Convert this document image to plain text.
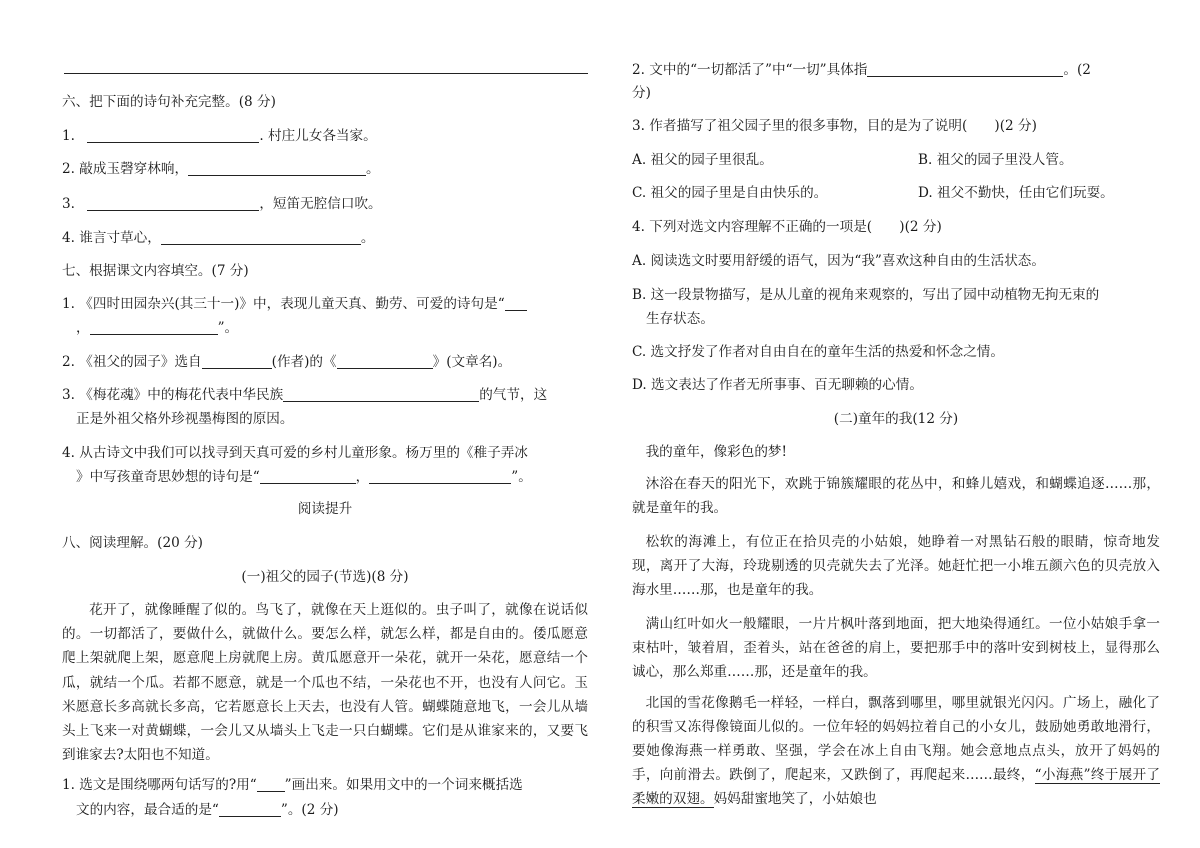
六、把下面的诗句补充完整。(8 分)
1.	. 村庄儿女各当家。
2. 敲成玉磬穿林响，	。
3.	，短笛无腔信口吹。
4. 谁言寸草心，	。
七、根据课文内容填空。(7 分)
1. 《四时田园杂兴(其三十一)》中，表现儿童天真、勤劳、可爱的诗句是“
，	”。
2. 《祖父的园子》选自	(作者)的《	》(文章名)。
3. 《梅花魂》中的梅花代表中华民族	的气节，这
正是外祖父格外珍视墨梅图的原因。
4. 从古诗文中我们可以找寻到天真可爱的乡村儿童形象。杨万里的《稚子弄冰
》中写孩童奇思妙想的诗句是“	，	”。
阅读提升
八、阅读理解。(20 分)
(一)祖父的园子(节选)(8 分)
花开了，就像睡醒了似的。鸟飞了，就像在天上逛似的。虫子叫了，就像在说话似的。一切都活了，要做什么，就做什么。要怎么样，就怎么样，都是自由的。倭瓜愿意爬上架就爬上架，愿意爬上房就爬上房。黄瓜愿意开一朵花，就开一朵花，愿意结一个瓜，就结一个瓜。若都不愿意，就是一个瓜也不结，一朵花也不开，也没有人问它。玉米愿意长多高就长多高，它若愿意长上天去，也没有人管。蝴蝶随意地飞，一会儿从墙头上飞来一对黄蝴蝶，一会儿又从墙头上飞走一只白蝴蝶。它们是从谁家来的，又要飞到谁家去?太阳也不知道。
1. 选文是围绕哪两句话写的?用“ ”画出来。如果用文中的一个词来概括选
文的内容，最合适的是“	”。(2 分)
2. 文中的“一切都活了”中“一切”具体指	。(2
分)
3. 作者描写了祖父园子里的很多事物，目的是为了说明(　　)(2 分)
A. 祖父的园子里很乱。	B. 祖父的园子里没人管。
C. 祖父的园子里是自由快乐的。	D. 祖父不勤快，任由它们玩耍。
4. 下列对选文内容理解不正确的一项是(　　)(2 分)
A. 阅读选文时要用舒缓的语气，因为“我”喜欢这种自由的生活状态。
B. 这一段景物描写，是从儿童的视角来观察的，写出了园中动植物无拘无束的
生存状态。
C. 选文抒发了作者对自由自在的童年生活的热爱和怀念之情。
D. 选文表达了作者无所事事、百无聊赖的心情。
(二)童年的我(12 分)
我的童年，像彩色的梦!
沐浴在春天的阳光下，欢跳于锦簇耀眼的花丛中，和蜂儿嬉戏，和蝴蝶追逐……那，就是童年的我。
松软的海滩上，有位正在拾贝壳的小姑娘，她睁着一对黑钻石般的眼睛，惊奇地发现，离开了大海，玲珑剔透的贝壳就失去了光泽。她赶忙把一小堆五颜六色的贝壳放入海水里……那，也是童年的我。
满山红叶如火一般耀眼，一片片枫叶落到地面，把大地染得通红。一位小姑娘手拿一束枯叶，皱着眉，歪着头，站在爸爸的肩上，要把那手中的落叶安到树枝上，显得那么诚心，那么郑重……那，还是童年的我。
北国的雪花像鹅毛一样轻，一样白，飘落到哪里，哪里就银光闪闪。广场上，融化了的积雪又冻得像镜面儿似的。一位年轻的妈妈拉着自己的小女儿，鼓励她勇敢地滑行，要她像海燕一样勇敢、坚强，学会在冰上自由飞翔。她会意地点点头，放开了妈妈的手，向前滑去。跌倒了，爬起来，又跌倒了，再爬起来……最终，“小海燕”终于展开了柔嫩的双翅。妈妈甜蜜地笑了，小姑娘也
